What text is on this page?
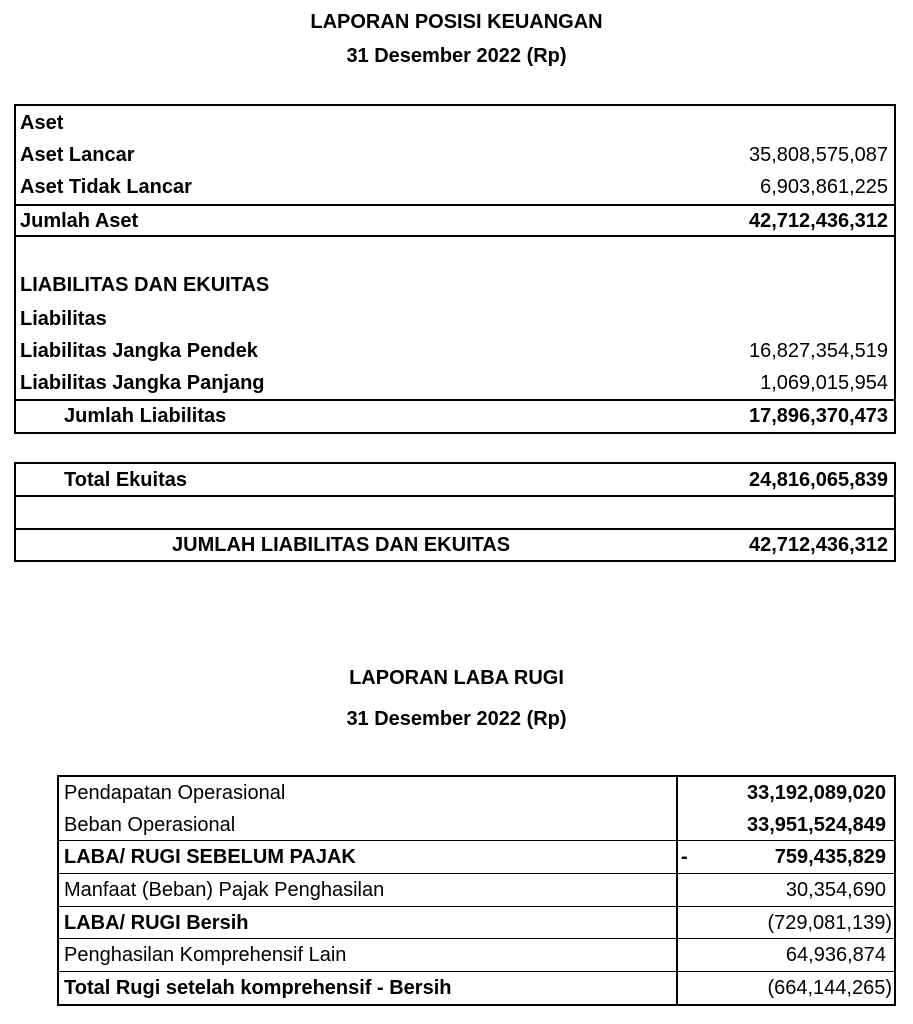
LAPORAN POSISI KEUANGAN
31 Desember 2022 (Rp)
Aset
Aset Lancar	35,808,575,087
Aset Tidak Lancar	6,903,861,225
Jumlah Aset	42,712,436,312
LIABILITAS DAN EKUITAS
Liabilitas
Liabilitas Jangka Pendek	16,827,354,519
Liabilitas Jangka Panjang	1,069,015,954
Jumlah Liabilitas	17,896,370,473
Total Ekuitas	24,816,065,839
JUMLAH LIABILITAS DAN EKUITAS	42,712,436,312
LAPORAN LABA RUGI
31 Desember 2022 (Rp)
Pendapatan Operasional	33,192,089,020
Beban Operasional	33,951,524,849
LABA/ RUGI SEBELUM PAJAK	-	759,435,829
Manfaat (Beban) Pajak Penghasilan	30,354,690
LABA/ RUGI Bersih	(729,081,139)
Penghasilan Komprehensif Lain	64,936,874
Total Rugi setelah komprehensif - Bersih	(664,144,265)
